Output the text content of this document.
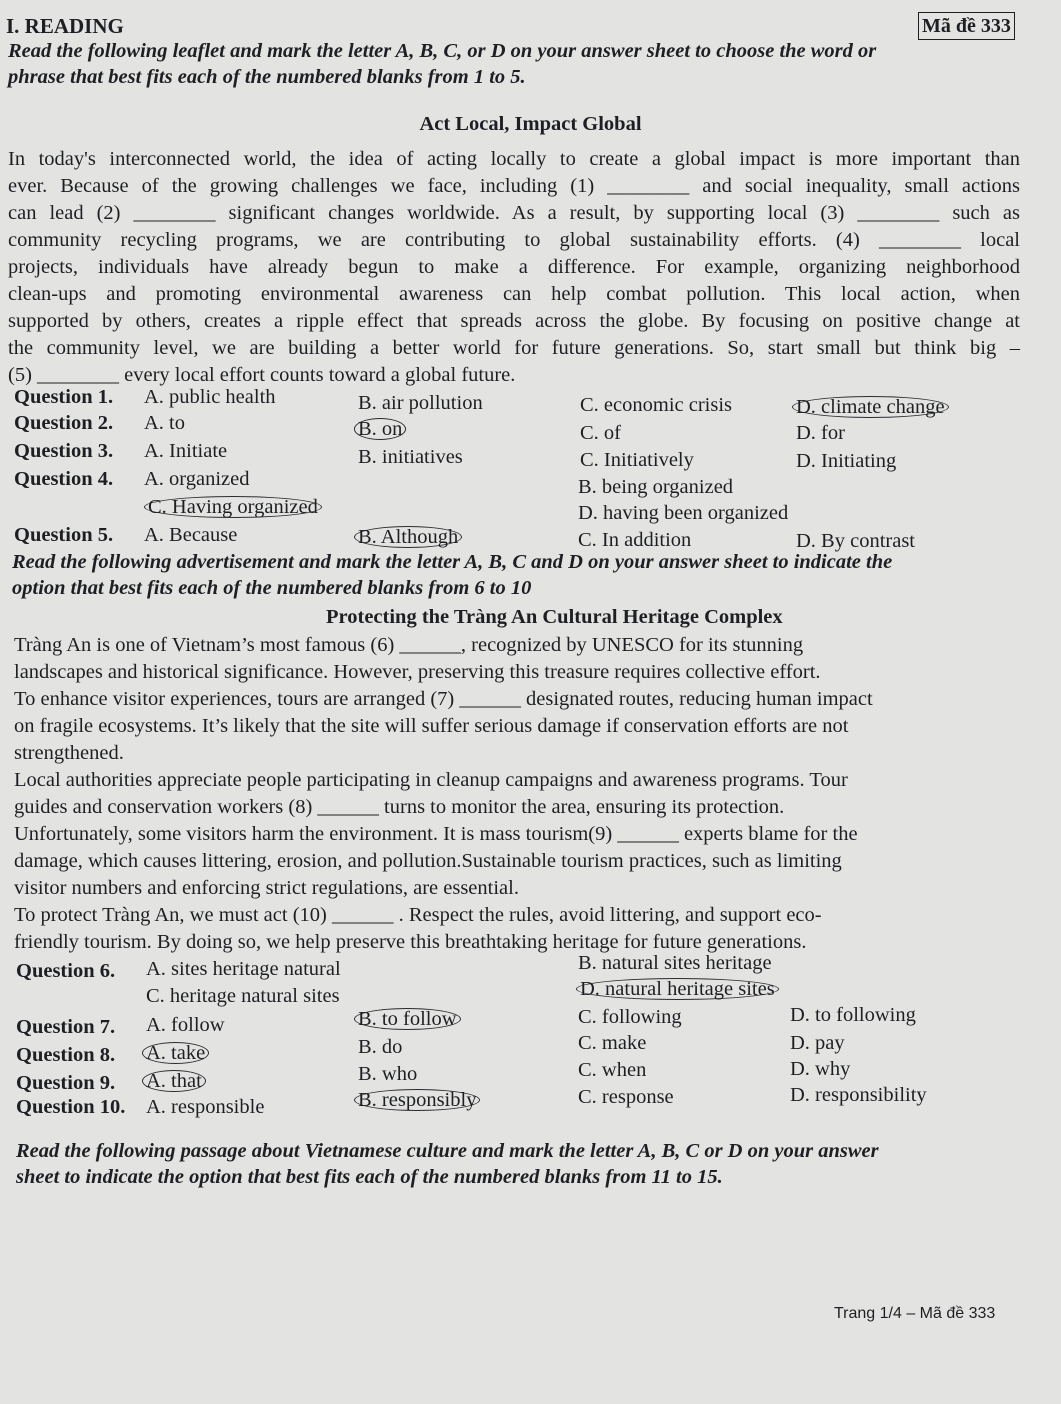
I. READING	Mã đề 333
Read the following leaflet and mark the letter A, B, C, or D on your answer sheet to choose the word or
phrase that best fits each of the numbered blanks from 1 to 5.
Act Local, Impact Global
In today's interconnected world, the idea of acting locally to create a global impact is more important than
ever. Because of the growing challenges we face, including (1) ________ and social inequality, small actions
can lead (2) ________ significant changes worldwide. As a result, by supporting local (3) ________ such as
community recycling programs, we are contributing to global sustainability efforts. (4) ________ local
projects, individuals have already begun to make a difference. For example, organizing neighborhood
clean-ups and promoting environmental awareness can help combat pollution. This local action, when
supported by others, creates a ripple effect that spreads across the globe. By focusing on positive change at
the community level, we are building a better world for future generations. So, start small but think big –
(5) ________ every local effort counts toward a global future.
Question 1. A. public health	B. air pollution	C. economic crisis	D. climate change
Question 2. A. to	B. on	C. of	D. for
Question 3. A. Initiate	B. initiatives	C. Initiatively	D. Initiating
Question 4. A. organized	B. being organized
C. Having organized	D. having been organized
Question 5. A. Because	B. Although	C. In addition	D. By contrast
Read the following advertisement and mark the letter A, B, C and D on your answer sheet to indicate the
option that best fits each of the numbered blanks from 6 to 10
Protecting the Tràng An Cultural Heritage Complex
Tràng An is one of Vietnam’s most famous (6) ______, recognized by UNESCO for its stunning
landscapes and historical significance. However, preserving this treasure requires collective effort.
To enhance visitor experiences, tours are arranged (7) ______ designated routes, reducing human impact
on fragile ecosystems. It’s likely that the site will suffer serious damage if conservation efforts are not
strengthened.
Local authorities appreciate people participating in cleanup campaigns and awareness programs. Tour
guides and conservation workers (8) ______ turns to monitor the area, ensuring its protection.
Unfortunately, some visitors harm the environment. It is mass tourism(9) ______ experts blame for the
damage, which causes littering, erosion, and pollution.Sustainable tourism practices, such as limiting
visitor numbers and enforcing strict regulations, are essential.
To protect Tràng An, we must act (10) ______ . Respect the rules, avoid littering, and support eco-
friendly tourism. By doing so, we help preserve this breathtaking heritage for future generations.
Question 6. A. sites heritage natural	B. natural sites heritage
C. heritage natural sites	D. natural heritage sites
Question 7. A. follow	B. to follow	C. following	D. to following
Question 8. A. take	B. do	C. make	D. pay
Question 9. A. that	B. who	C. when	D. why
Question 10. A. responsible	B. responsibly	C. response	D. responsibility
Read the following passage about Vietnamese culture and mark the letter A, B, C or D on your answer
sheet to indicate the option that best fits each of the numbered blanks from 11 to 15.
Trang 1/4 – Mã đề 333
